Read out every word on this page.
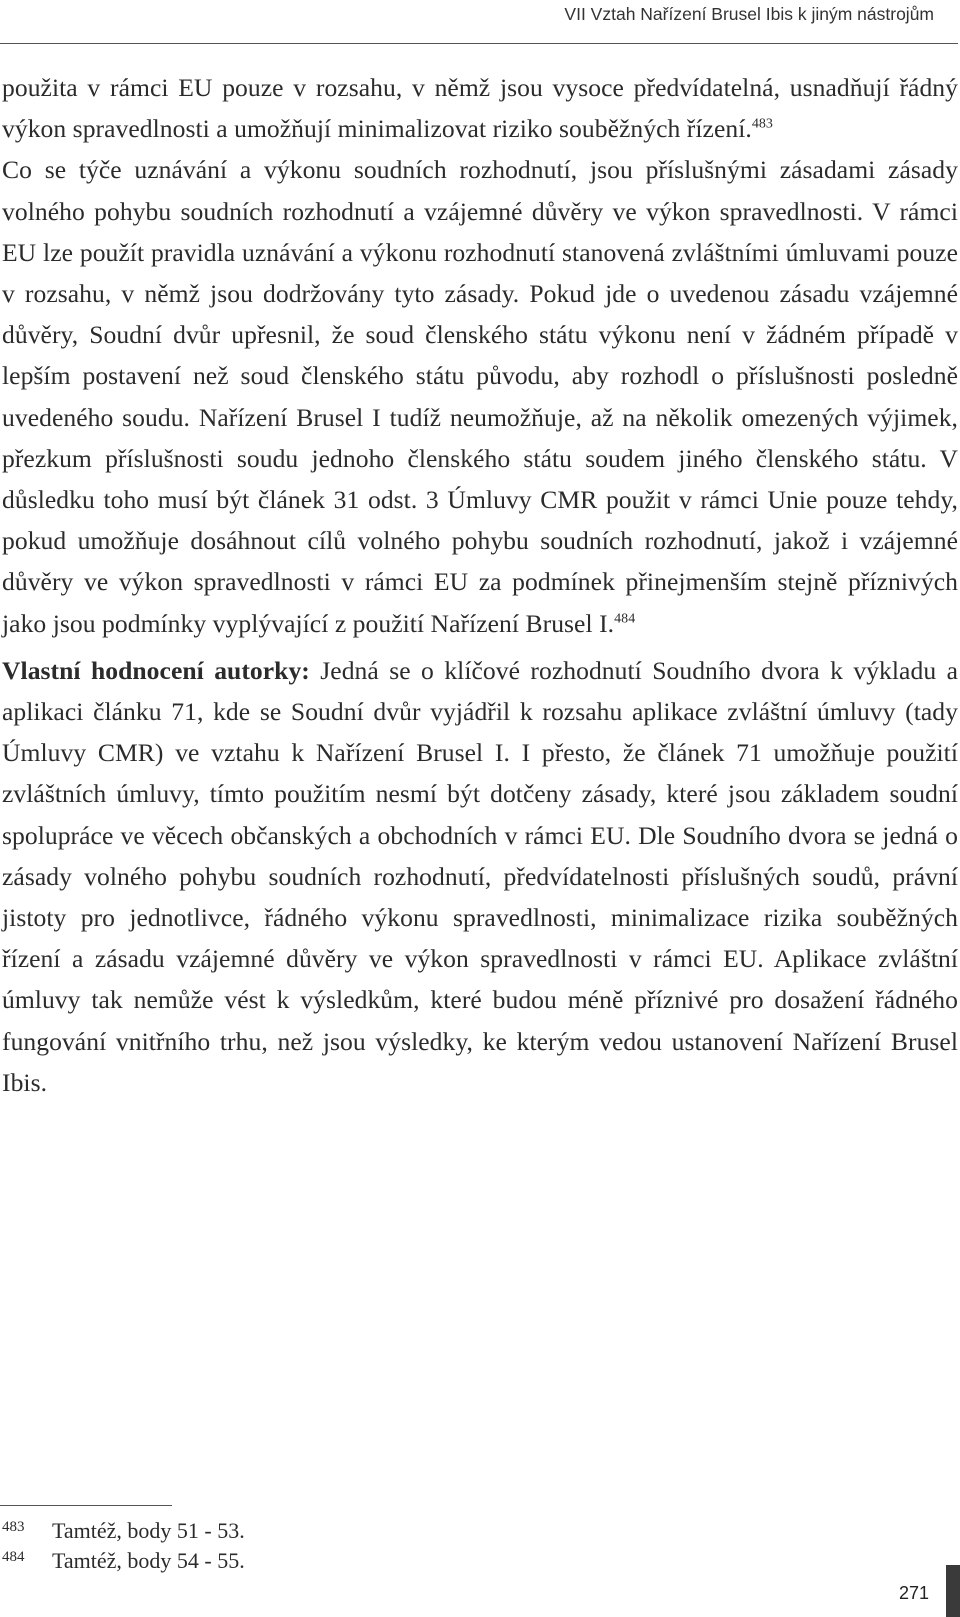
VII Vztah Nařízení Brusel Ibis k jiným nástrojům

použita v rámci EU pouze v rozsahu, v němž jsou vysoce předvídatelná, usnadňují řádný výkon spravedlnosti a umožňují minimalizovat riziko souběžných řízení.$^{483}$

Co se týče uznávání a výkonu soudních rozhodnutí, jsou příslušnými zásadami zásady volného pohybu soudních rozhodnutí a vzájemné důvěry ve výkon spravedlnosti. V rámci EU lze použít pravidla uznávání a výkonu rozhodnutí stanovená zvláštními úmluvami pouze v rozsahu, v němž jsou dodržovány tyto zásady. Pokud jde o uvedenou zásadu vzájemné důvěry, Soudní dvůr upřesnil, že soud členského státu výkonu není v žádném případě v lepším postavení než soud členského státu původu, aby rozhodl o příslušnosti posledně uvedeného soudu. Nařízení Brusel I tudíž neumožňuje, až na několik omezených výjimek, přezkum příslušnosti soudu jednoho členského státu soudem jiného členského státu. V důsledku toho musí být článek 31 odst. 3 Úmluvy CMR použit v rámci Unie pouze tehdy, pokud umožňuje dosáhnout cílů volného pohybu soudních rozhodnutí, jakož i vzájemné důvěry ve výkon spravedlnosti v rámci EU za podmínek přinejmenším stejně příznivých jako jsou podmínky vyplývající z použití Nařízení Brusel I.$^{484}$

Vlastní hodnocení autorky: Jedná se o klíčové rozhodnutí Soudního dvora k výkladu a aplikaci článku 71, kde se Soudní dvůr vyjádřil k rozsahu aplikace zvláštní úmluvy (tady Úmluvy CMR) ve vztahu k Nařízení Brusel I. I přesto, že článek 71 umožňuje použití zvláštních úmluvy, tímto použitím nesmí být dotčeny zásady, které jsou základem soudní spolupráce ve věcech občanských a obchodních v rámci EU. Dle Soudního dvora se jedná o zásady volného pohybu soudních rozhodnutí, předvídatelnosti příslušných soudů, právní jistoty pro jednotlivce, řádného výkonu spravedlnosti, minimalizace rizika souběžných řízení a zásadu vzájemné důvěry ve výkon spravedlnosti v rámci EU. Aplikace zvláštní úmluvy tak nemůže vést k výsledkům, které budou méně příznivé pro dosažení řádného fungování vnitřního trhu, než jsou výsledky, ke kterým vedou ustanovení Nařízení Brusel Ibis.

483	Tamtéž, body 51 - 53.
484	Tamtéž, body 54 - 55.
271
